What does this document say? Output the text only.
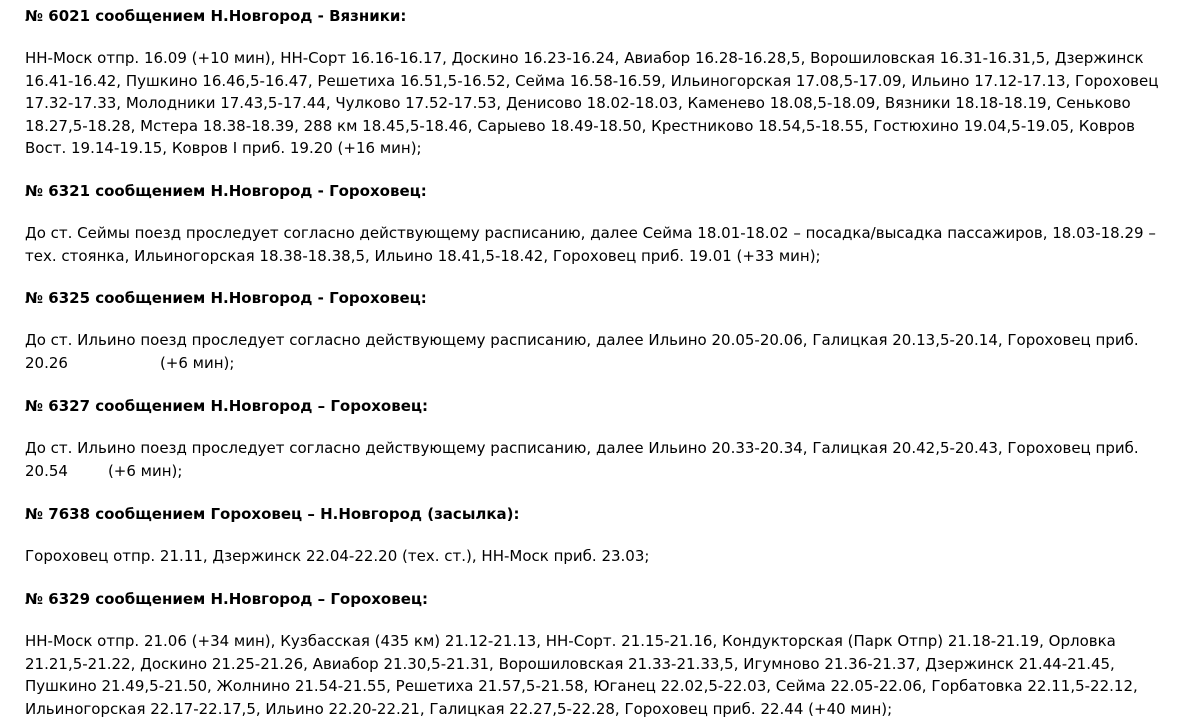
№ 6021 сообщением Н.Новгород - Вязники:

НН-Моск отпр. 16.09 (+10 мин), НН-Сорт 16.16-16.17, Доскино 16.23-16.24, Авиабор 16.28-16.28,5, Ворошиловская 16.31-16.31,5, Дзержинск 16.41-16.42, Пушкино 16.46,5-16.47, Решетиха 16.51,5-16.52, Сейма 16.58-16.59, Ильиногорская 17.08,5-17.09, Ильино 17.12-17.13, Гороховец 17.32-17.33, Молодники 17.43,5-17.44, Чулково 17.52-17.53, Денисово 18.02-18.03, Каменево 18.08,5-18.09, Вязники 18.18-18.19, Сеньково 18.27,5-18.28, Мстера 18.38-18.39, 288 км 18.45,5-18.46, Сарыево 18.49-18.50, Крестниково 18.54,5-18.55, Гостюхино 19.04,5-19.05, Ковров Вост. 19.14-19.15, Ковров I приб. 19.20 (+16 мин);

№ 6321 сообщением Н.Новгород - Гороховец:

До ст. Сеймы поезд проследует согласно действующему расписанию, далее Сейма 18.01-18.02 – посадка/высадка пассажиров, 18.03-18.29 – тех. стоянка, Ильиногорская 18.38-18.38,5, Ильино 18.41,5-18.42, Гороховец приб. 19.01 (+33 мин);

№ 6325 сообщением Н.Новгород - Гороховец:

До ст. Ильино поезд проследует согласно действующему расписанию, далее Ильино 20.05-20.06, Галицкая 20.13,5-20.14, Гороховец приб. 20.26	(+6 мин);

№ 6327 сообщением Н.Новгород – Гороховец:

До ст. Ильино поезд проследует согласно действующему расписанию, далее Ильино 20.33-20.34, Галицкая 20.42,5-20.43, Гороховец приб. 20.54	(+6 мин);

№ 7638 сообщением Гороховец – Н.Новгород (засылка):

Гороховец отпр. 21.11, Дзержинск 22.04-22.20 (тех. ст.), НН-Моск приб. 23.03;

№ 6329 сообщением Н.Новгород – Гороховец:

НН-Моск отпр. 21.06 (+34 мин), Кузбасская (435 км) 21.12-21.13, НН-Сорт. 21.15-21.16, Кондукторская (Парк Отпр) 21.18-21.19, Орловка 21.21,5-21.22, Доскино 21.25-21.26, Авиабор 21.30,5-21.31, Ворошиловская 21.33-21.33,5, Игумново 21.36-21.37, Дзержинск 21.44-21.45, Пушкино 21.49,5-21.50, Жолнино 21.54-21.55, Решетиха 21.57,5-21.58, Юганец 22.02,5-22.03, Сейма 22.05-22.06, Горбатовка 22.11,5-22.12, Ильиногорская 22.17-22.17,5, Ильино 22.20-22.21, Галицкая 22.27,5-22.28, Гороховец приб. 22.44 (+40 мин);
